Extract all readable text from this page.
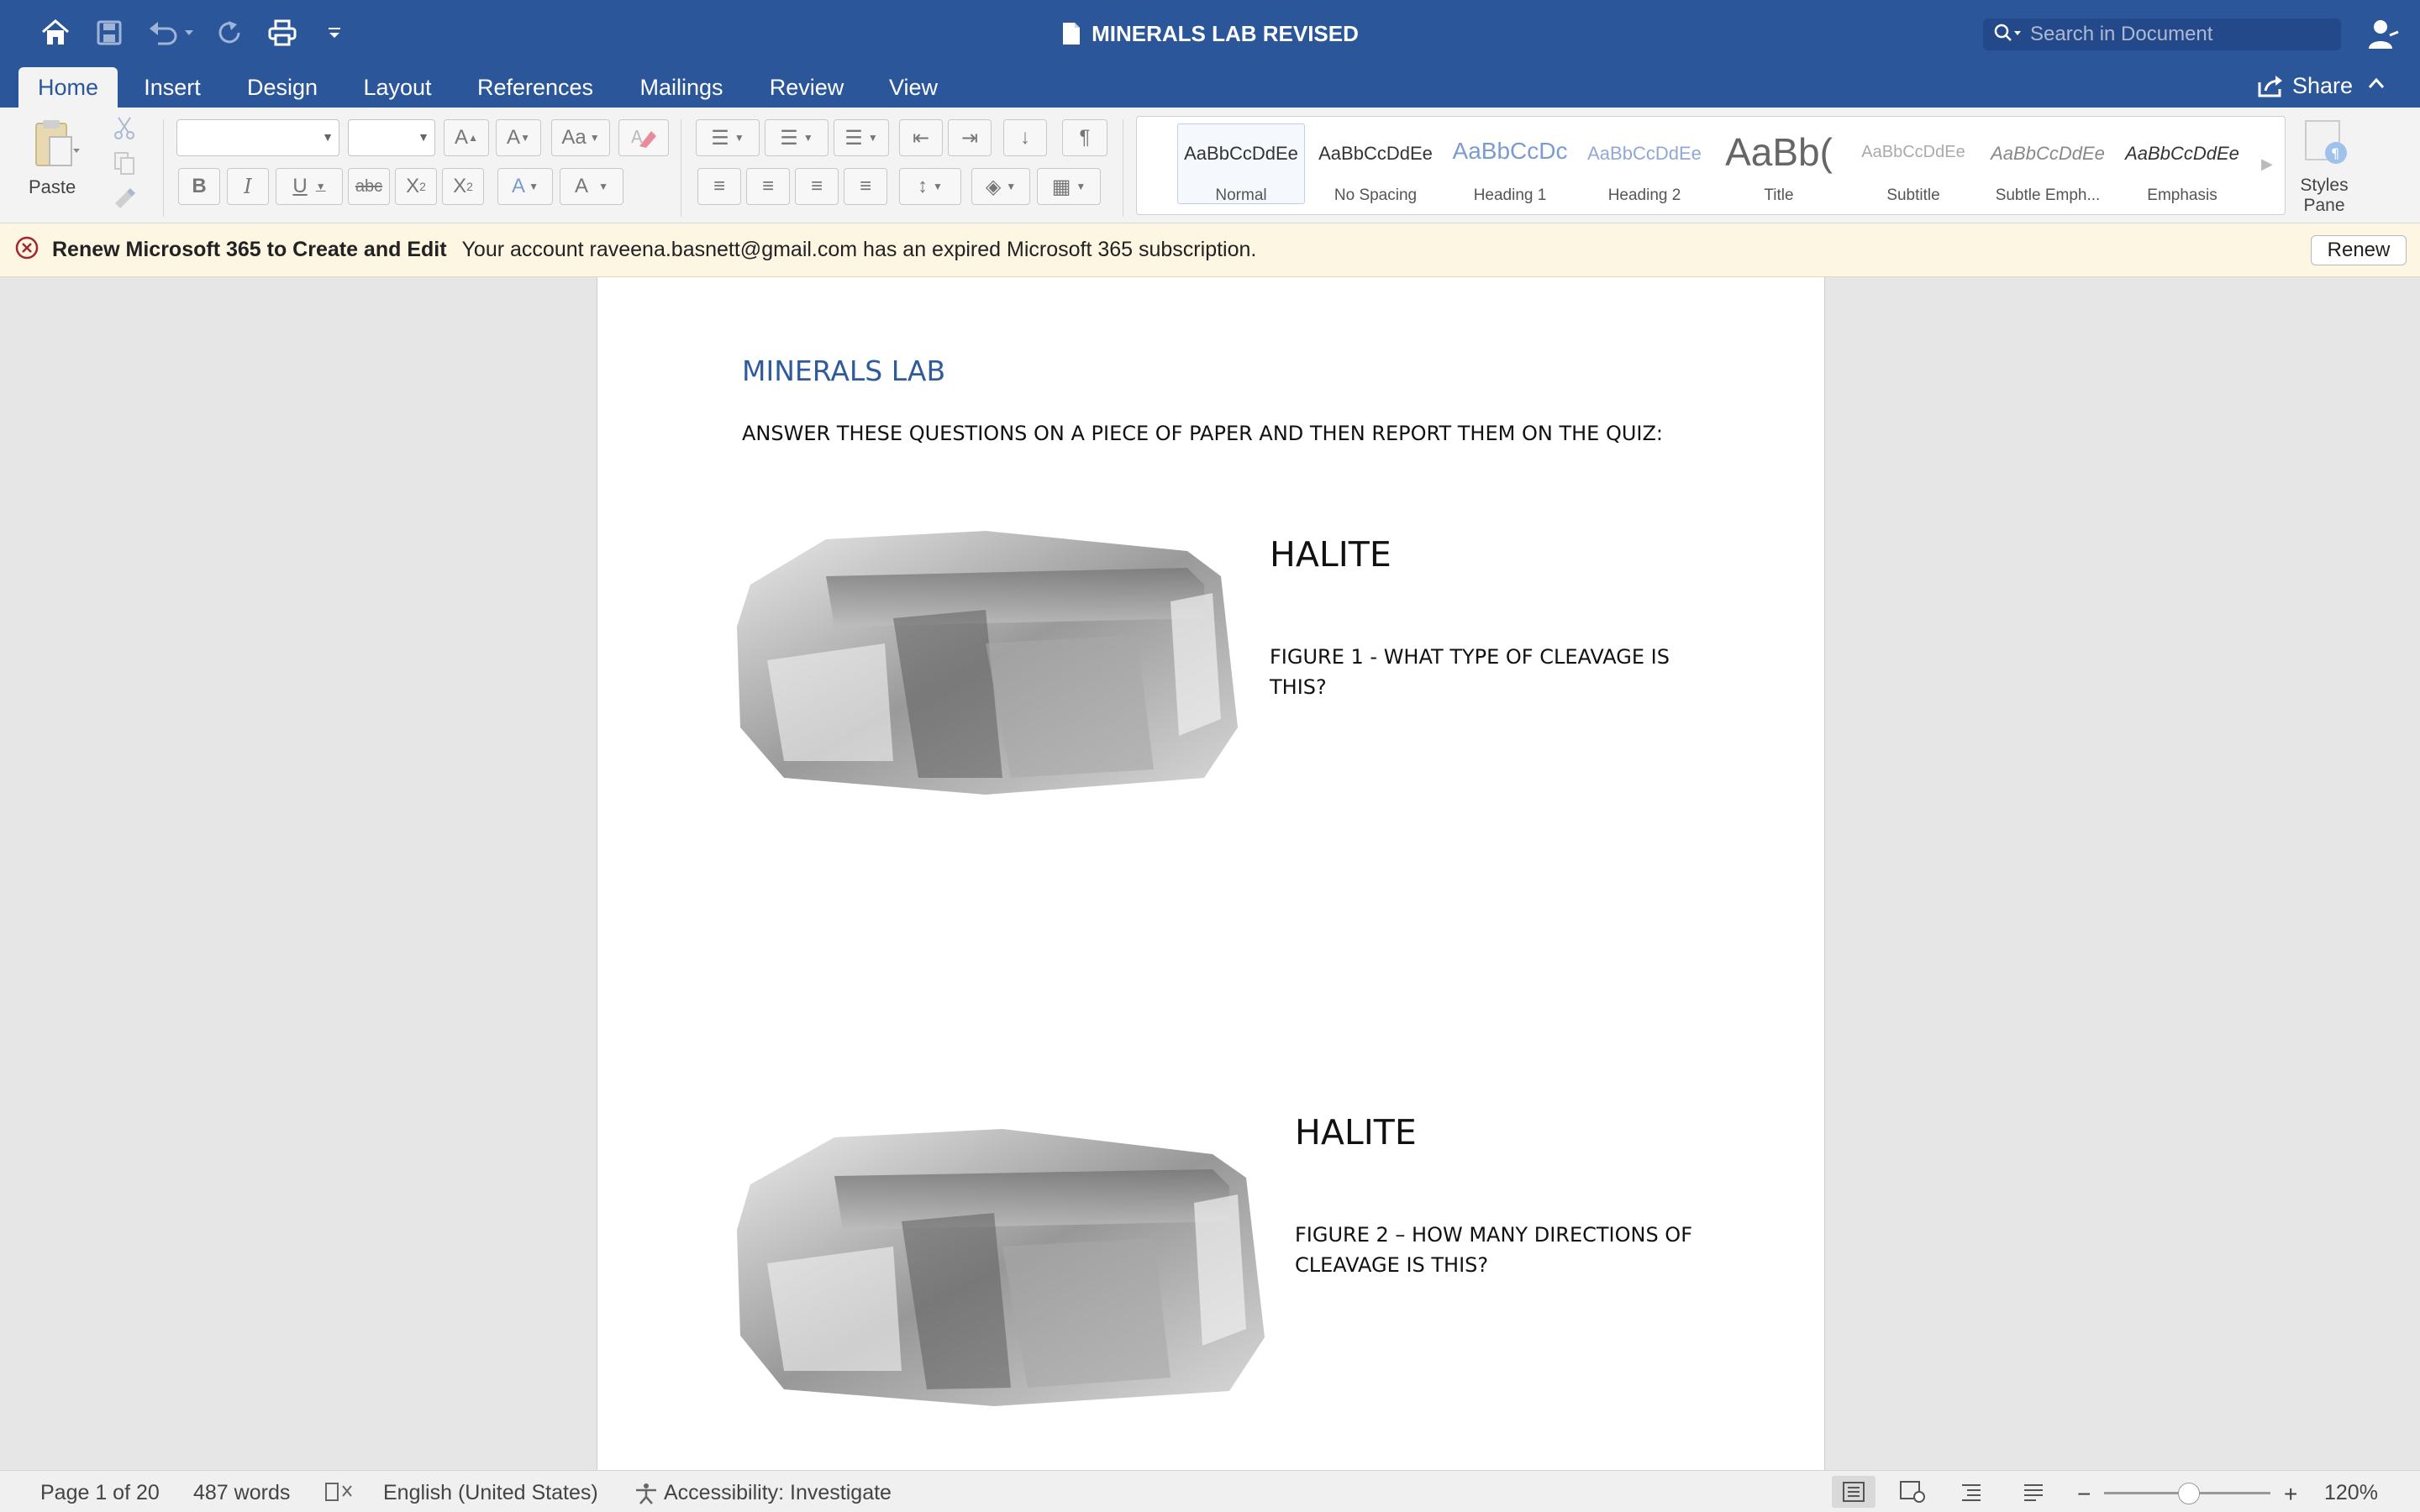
MINERALS LAB REVISED
Search in Document
Home	Insert	Design	Layout	References	Mailings	Review	View	Share
Paste
▼	▼	A ▲	A ▼	Aa ▼ A
B	I	U ▼	abc	X 2	X 2	A ▼	A ▼
☰ ▼	☰ ▼	☰ ▼	⇤	⇥	↓	¶
≡	≡	≡	≡	↕ ▼	◈ ▼	▦ ▼
AaBbCcDdEe
Normal
AaBbCcDdEe
No Spacing
AaBbCcDc
Heading 1
AaBbCcDdEe
Heading 2
AaBb(
Title
AaBbCcDdEe
Subtitle
AaBbCcDdEe
Subtle Emph...
AaBbCcDdEe
Emphasis
▶
¶
Styles
Pane
Renew Microsoft 365 to Create and Edit Your account raveena.basnett@gmail.com has an expired Microsoft 365 subscription.	Renew
MINERALS LAB
ANSWER THESE QUESTIONS ON A PIECE OF PAPER AND THEN REPORT THEM ON THE QUIZ:
HALITE
FIGURE 1 - WHAT TYPE OF CLEAVAGE IS
THIS?
HALITE
FIGURE 2 – HOW MANY DIRECTIONS OF
CLEAVAGE IS THIS?
Page 1 of 20 487 words	English (United States)	Accessibility: Investigate	−	+ 120%
